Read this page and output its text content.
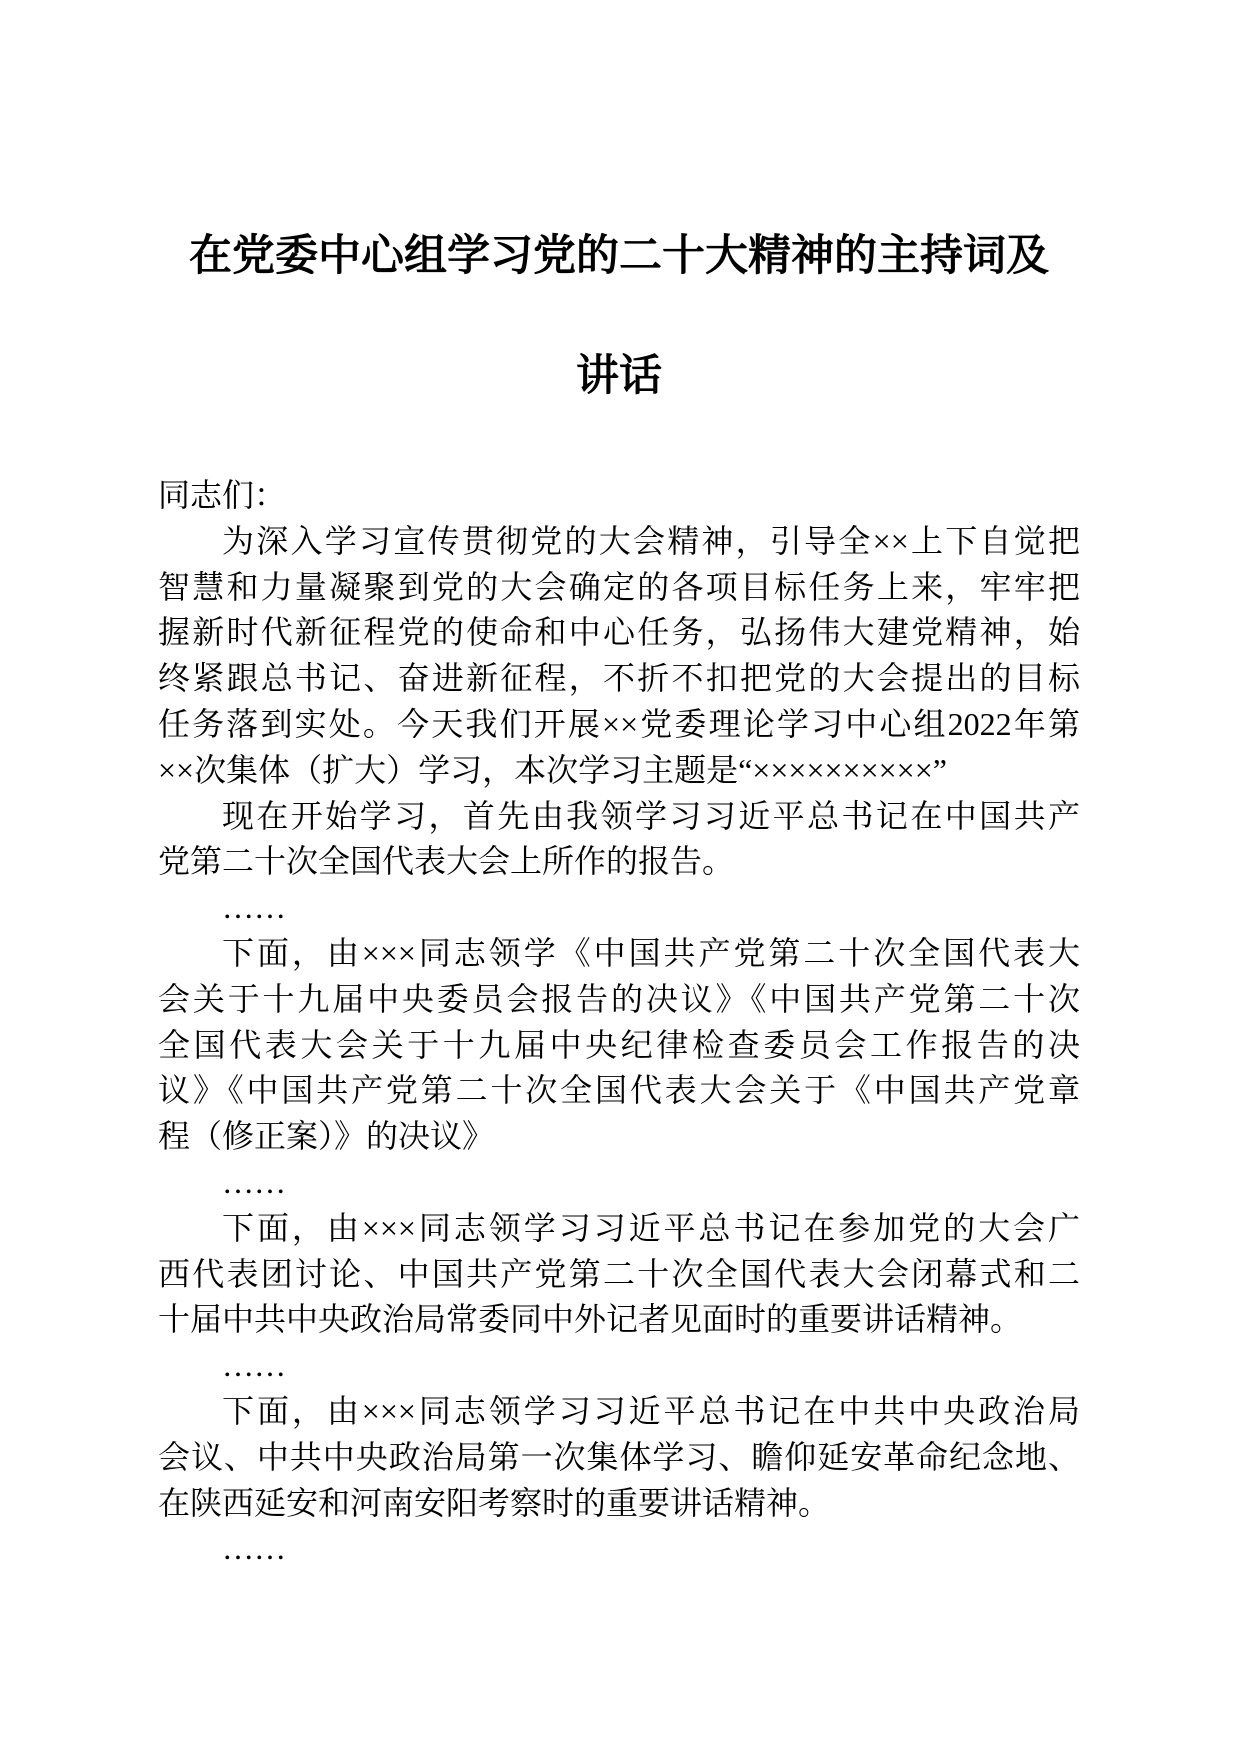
在党委中心组学习党的二十大精神的主持词及
讲话
同志们：
为深入学习宣传贯彻党的大会精神，引导全××上下自觉把
智慧和力量凝聚到党的大会确定的各项目标任务上来，牢牢把
握新时代新征程党的使命和中心任务，弘扬伟大建党精神，始
终紧跟总书记、奋进新征程，不折不扣把党的大会提出的目标
任务落到实处。今天我们开展××党委理论学习中心组2022年第
××次集体（扩大）学习，本次学习主题是“××××××××××”
现在开始学习，首先由我领学习习近平总书记在中国共产
党第二十次全国代表大会上所作的报告。
……
下面，由×××同志领学《中国共产党第二十次全国代表大
会关于十九届中央委员会报告的决议》《中国共产党第二十次
全国代表大会关于十九届中央纪律检查委员会工作报告的决
议》《中国共产党第二十次全国代表大会关于《中国共产党章
程（修正案）》的决议》
……
下面，由×××同志领学习习近平总书记在参加党的大会广
西代表团讨论、中国共产党第二十次全国代表大会闭幕式和二
十届中共中央政治局常委同中外记者见面时的重要讲话精神。
……
下面，由×××同志领学习习近平总书记在中共中央政治局
会议、中共中央政治局第一次集体学习、瞻仰延安革命纪念地、
在陕西延安和河南安阳考察时的重要讲话精神。
……
